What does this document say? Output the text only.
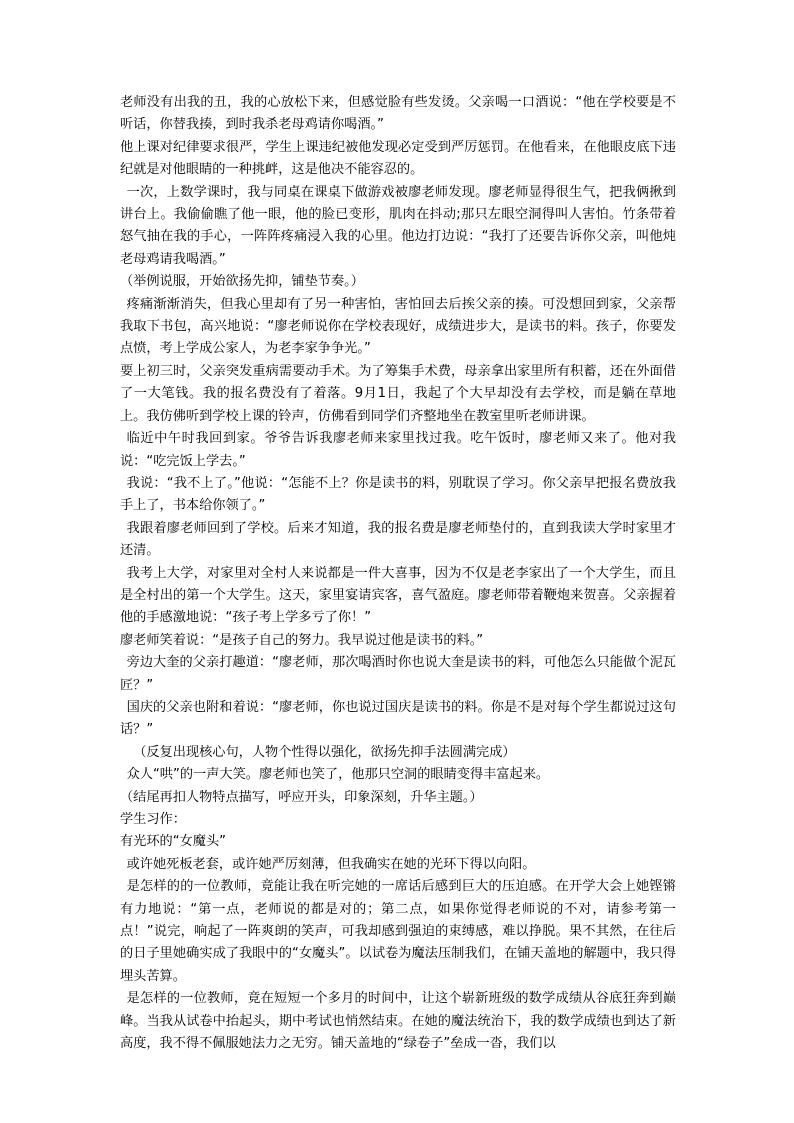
老师没有出我的丑，我的心放松下来，但感觉脸有些发烫。父亲喝一口酒说：“他在学校要是不听话，你替我揍，到时我杀老母鸡请你喝酒。”

他上课对纪律要求很严，学生上课违纪被他发现必定受到严厉惩罚。在他看来，在他眼皮底下违纪就是对他眼睛的一种挑衅，这是他决不能容忍的。

一次，上数学课时，我与同桌在课桌下做游戏被廖老师发现。廖老师显得很生气，把我俩揪到讲台上。我偷偷瞧了他一眼，他的脸已变形，肌肉在抖动;那只左眼空洞得叫人害怕。竹条带着怒气抽在我的手心，一阵阵疼痛浸入我的心里。他边打边说：“我打了还要告诉你父亲，叫他炖老母鸡请我喝酒。”

（举例说服，开始欲扬先抑，铺垫节奏。）

疼痛渐渐消失，但我心里却有了另一种害怕，害怕回去后挨父亲的揍。可没想回到家，父亲帮我取下书包，高兴地说：“廖老师说你在学校表现好，成绩进步大，是读书的料。孩子，你要发点愤，考上学成公家人，为老李家争争光。”

要上初三时，父亲突发重病需要动手术。为了筹集手术费，母亲拿出家里所有积蓄，还在外面借了一大笔钱。我的报名费没有了着落。9月1日，我起了个大早却没有去学校，而是躺在草地上。我仿佛听到学校上课的铃声，仿佛看到同学们齐整地坐在教室里听老师讲课。

临近中午时我回到家。爷爷告诉我廖老师来家里找过我。吃午饭时，廖老师又来了。他对我说：“吃完饭上学去。”

我说：“我不上了。”他说：“怎能不上？你是读书的料，别耽误了学习。你父亲早把报名费放我手上了，书本给你领了。”

我跟着廖老师回到了学校。后来才知道，我的报名费是廖老师垫付的，直到我读大学时家里才还清。

我考上大学，对家里对全村人来说都是一件大喜事，因为不仅是老李家出了一个大学生，而且是全村出的第一个大学生。这天，家里宴请宾客，喜气盈庭。廖老师带着鞭炮来贺喜。父亲握着他的手感激地说：“孩子考上学多亏了你！”

廖老师笑着说：“是孩子自己的努力。我早说过他是读书的料。”

旁边大奎的父亲打趣道：“廖老师，那次喝酒时你也说大奎是读书的料，可他怎么只能做个泥瓦匠？”

国庆的父亲也附和着说：“廖老师，你也说过国庆是读书的料。你是不是对每个学生都说过这句话？”

（反复出现核心句，人物个性得以强化，欲扬先抑手法圆满完成）

众人“哄”的一声大笑。廖老师也笑了，他那只空洞的眼睛变得丰富起来。

（结尾再扣人物特点描写，呼应开头，印象深刻，升华主题。）

学生习作：

有光环的“女魔头”

或许她死板老套，或许她严厉刻薄，但我确实在她的光环下得以向阳。

是怎样的的一位教师，竟能让我在听完她的一席话后感到巨大的压迫感。在开学大会上她铿锵有力地说：“第一点，老师说的都是对的；第二点，如果你觉得老师说的不对，请参考第一点！”说完，响起了一阵爽朗的笑声，可我却感到强迫的束缚感，难以挣脱。果不其然，在往后的日子里她确实成了我眼中的“女魔头”。以试卷为魔法压制我们，在铺天盖地的解题中，我只得埋头苦算。

是怎样的一位教师，竟在短短一个多月的时间中，让这个崭新班级的数学成绩从谷底狂奔到巅峰。当我从试卷中抬起头，期中考试也悄然结束。在她的魔法统治下，我的数学成绩也到达了新高度，我不得不佩服她法力之无穷。铺天盖地的“绿卷子”垒成一沓，我们以
